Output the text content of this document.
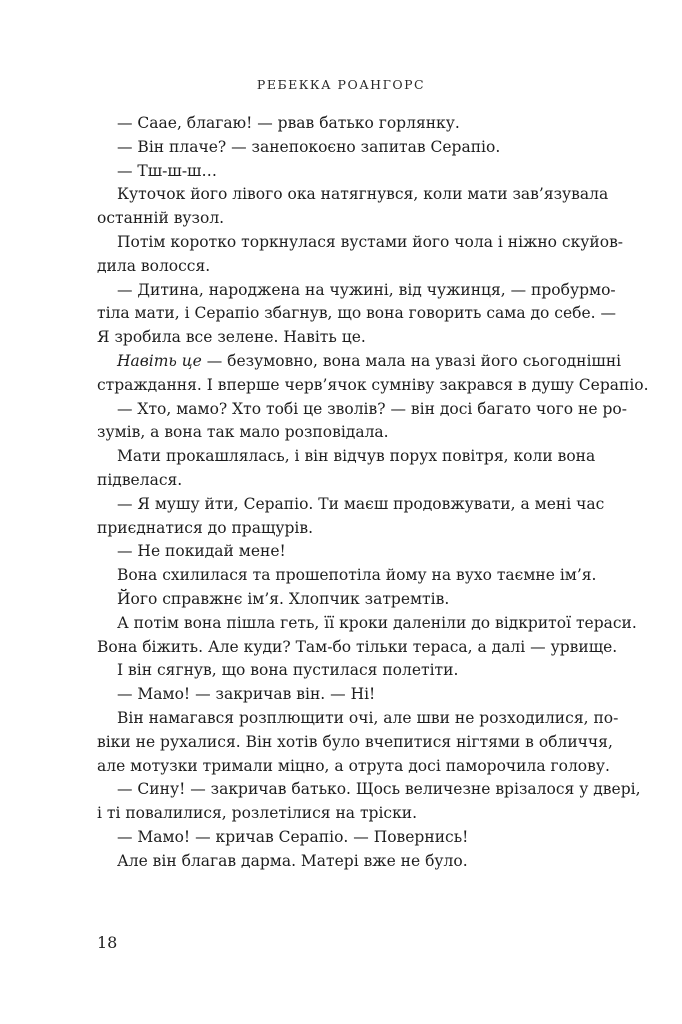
РЕБЕККА РОАНГОРС
— Сааe, благаю! — рвав батько горлянку.
— Він плаче? — занепокоєно запитав Серапіо.
— Тш-ш-ш…
Куточок його лівого ока натягнувся, коли мати зав’язувала
останній вузол.
Потім коротко торкнулася вустами його чола і ніжно скуйов-
дила волосся.
— Дитина, народжена на чужині, від чужинця, — пробурмо-
тіла мати, і Серапіо збагнув, що вона говорить сама до себе. —
Я зробила все зелене. Навіть це.
Навіть це — безумовно, вона мала на увазі його сьогоднішні
страждання. І вперше черв’ячок сумніву закрався в душу Серапіо.
— Хто, мамо? Хто тобі це зволів? — він досі багато чого не ро-
зумів, а вона так мало розповідала.
Мати прокашлялась, і він відчув порух повітря, коли вона
підвелася.
— Я мушу йти, Серапіо. Ти маєш продовжувати, а мені час
приєднатися до пращурів.
— Не покидай мене!
Вона схилилася та прошепотіла йому на вухо таємне ім’я.
Його справжнє ім’я. Хлопчик затремтів.
А потім вона пішла геть, її кроки даленіли до відкритої тераси.
Вона біжить. Але куди? Там-бо тільки тераса, а далі — урвище.
І він сягнув, що вона пустилася полетіти.
— Мамо! — закричав він. — Ні!
Він намагався розплющити очі, але шви не розходилися, по-
віки не рухалися. Він хотів було вчепитися нігтями в обличчя,
але мотузки тримали міцно, а отрута досі паморочила голову.
— Сину! — закричав батько. Щось величезне врізалося у двері,
і ті повалилися, розлетілися на тріски.
— Мамо! — кричав Серапіо. — Повернись!
Але він благав дарма. Матері вже не було.
18
